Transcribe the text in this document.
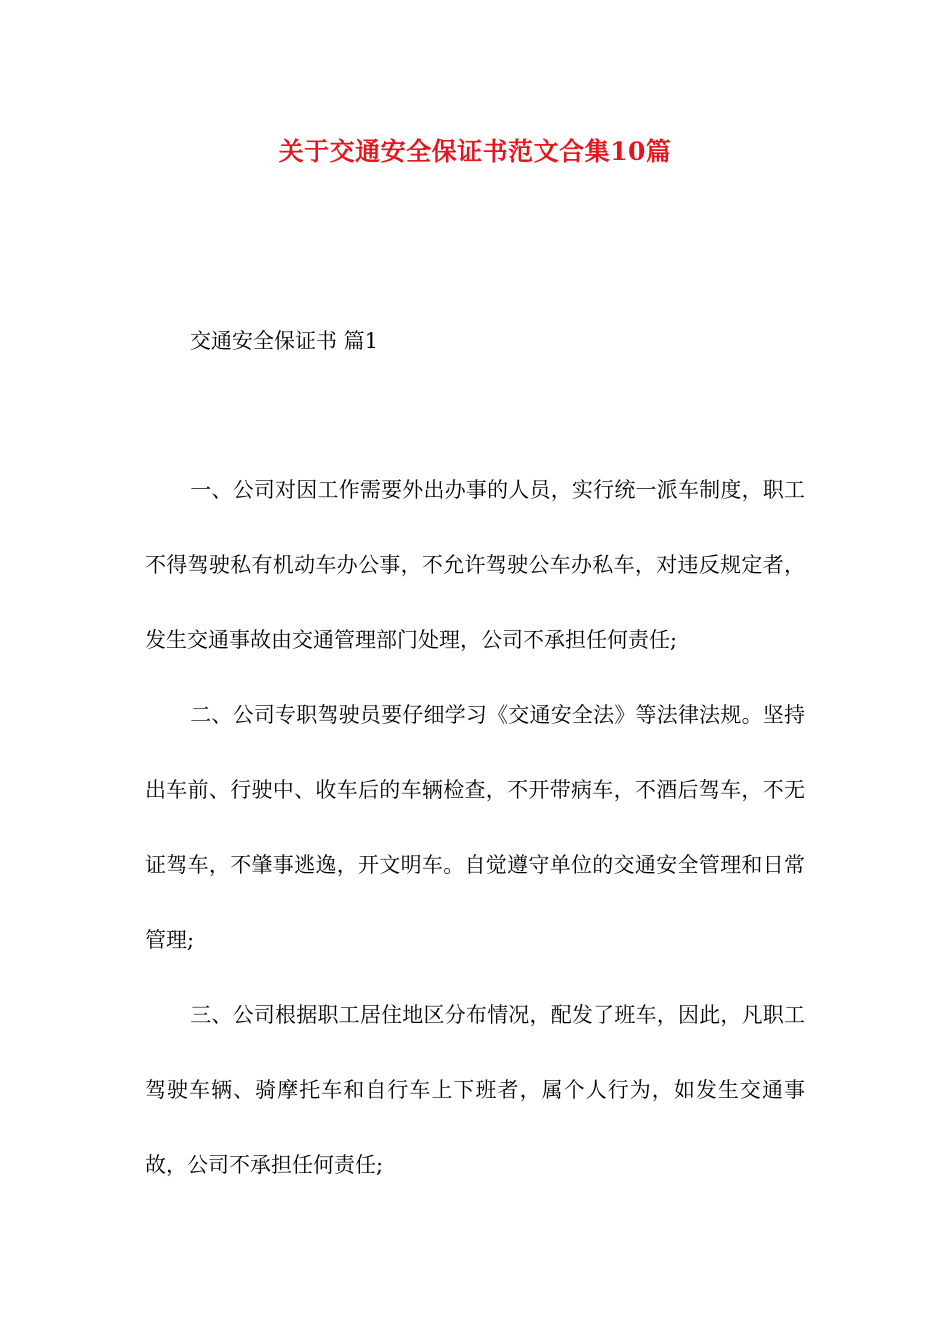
关于交通安全保证书范文合集10篇
交通安全保证书 篇1
一、公司对因工作需要外出办事的人员，实行统一派车制度，职工不得驾驶私有机动车办公事，不允许驾驶公车办私车，对违反规定者，发生交通事故由交通管理部门处理，公司不承担任何责任;
二、公司专职驾驶员要仔细学习《交通安全法》等法律法规。坚持出车前、行驶中、收车后的车辆检查，不开带病车，不酒后驾车，不无证驾车，不肇事逃逸，开文明车。自觉遵守单位的交通安全管理和日常管理;
三、公司根据职工居住地区分布情况，配发了班车，因此，凡职工驾驶车辆、骑摩托车和自行车上下班者，属个人行为，如发生交通事故，公司不承担任何责任;
